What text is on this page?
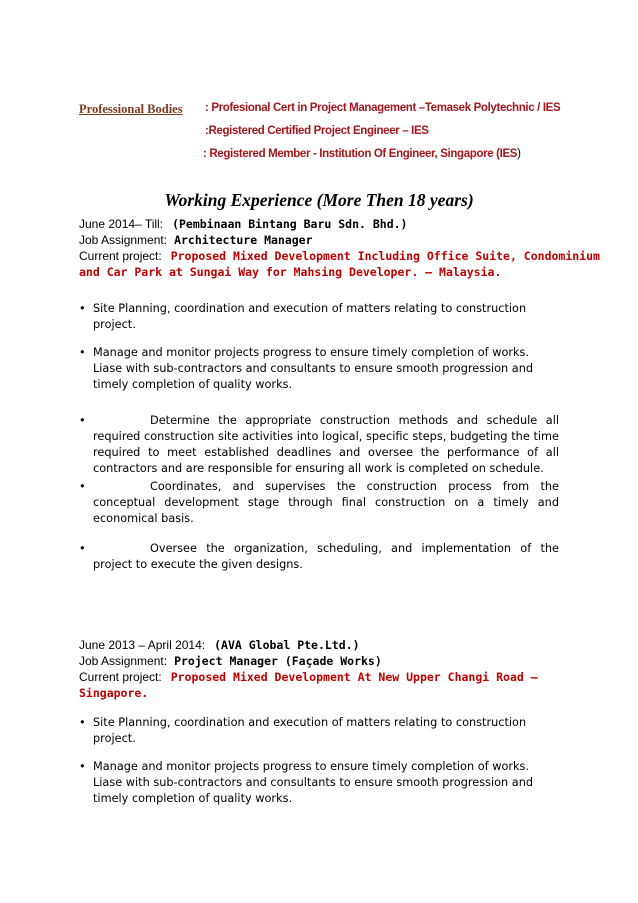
Professional Bodies : Profesional Cert in Project Management –Temasek Polytechnic / IES
:Registered Certified Project Engineer – IES
: Registered Member - Institution Of Engineer, Singapore (IES)
Working Experience (More Then 18 years)
June 2014– Till: (Pembinaan Bintang Baru Sdn. Bhd.)
Job Assignment: Architecture Manager
Current project: Proposed Mixed Development Including Office Suite, Condominium
and Car Park at Sungai Way for Mahsing Developer. – Malaysia.
• Site Planning, coordination and execution of matters relating to construction project.
• Manage and monitor projects progress to ensure timely completion of works. Liase with sub-contractors and consultants to ensure smooth progression and timely completion of quality works.
•	Determine the appropriate construction methods and schedule all required construction site activities into logical, specific steps, budgeting the time required to meet established deadlines and oversee the performance of all contractors and are responsible for ensuring all work is completed on schedule.
•	Coordinates, and supervises the construction process from the conceptual development stage through final construction on a timely and economical basis.
•	Oversee the organization, scheduling, and implementation of the project to execute the given designs.
June 2013 – April 2014: (AVA Global Pte.Ltd.)
Job Assignment: Project Manager (Façade Works)
Current project: Proposed Mixed Development At New Upper Changi Road –
Singapore.
• Site Planning, coordination and execution of matters relating to construction project.
• Manage and monitor projects progress to ensure timely completion of works. Liase with sub-contractors and consultants to ensure smooth progression and timely completion of quality works.
